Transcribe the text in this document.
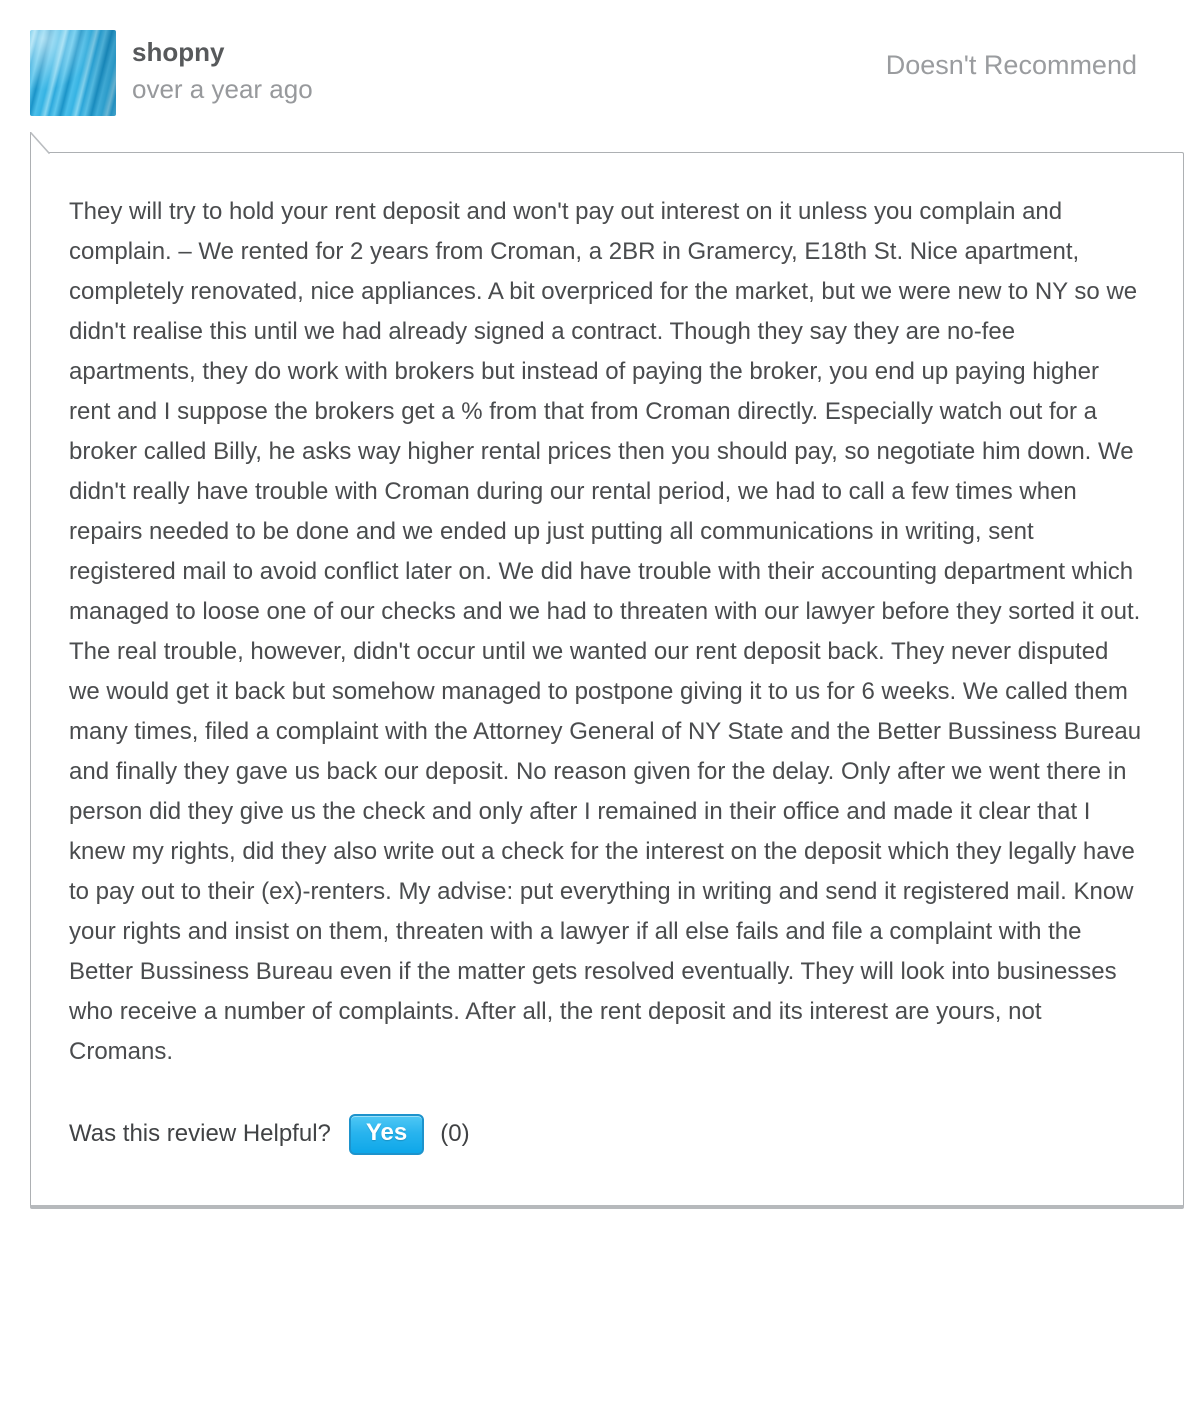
shopny
over a year ago
Doesn't Recommend

They will try to hold your rent deposit and won't pay out interest on it unless you complain and complain. – We rented for 2 years from Croman, a 2BR in Gramercy, E18th St. Nice apartment, completely renovated, nice appliances. A bit overpriced for the market, but we were new to NY so we didn't realise this until we had already signed a contract. Though they say they are no-fee apartments, they do work with brokers but instead of paying the broker, you end up paying higher rent and I suppose the brokers get a % from that from Croman directly. Especially watch out for a broker called Billy, he asks way higher rental prices then you should pay, so negotiate him down. We didn't really have trouble with Croman during our rental period, we had to call a few times when repairs needed to be done and we ended up just putting all communications in writing, sent registered mail to avoid conflict later on. We did have trouble with their accounting department which managed to loose one of our checks and we had to threaten with our lawyer before they sorted it out. The real trouble, however, didn't occur until we wanted our rent deposit back. They never disputed we would get it back but somehow managed to postpone giving it to us for 6 weeks. We called them many times, filed a complaint with the Attorney General of NY State and the Better Bussiness Bureau and finally they gave us back our deposit. No reason given for the delay. Only after we went there in person did they give us the check and only after I remained in their office and made it clear that I knew my rights, did they also write out a check for the interest on the deposit which they legally have to pay out to their (ex)-renters. My advise: put everything in writing and send it registered mail. Know your rights and insist on them, threaten with a lawyer if all else fails and file a complaint with the Better Bussiness Bureau even if the matter gets resolved eventually. They will look into businesses who receive a number of complaints. After all, the rent deposit and its interest are yours, not Cromans.

Was this review Helpful?	Yes	(0)
